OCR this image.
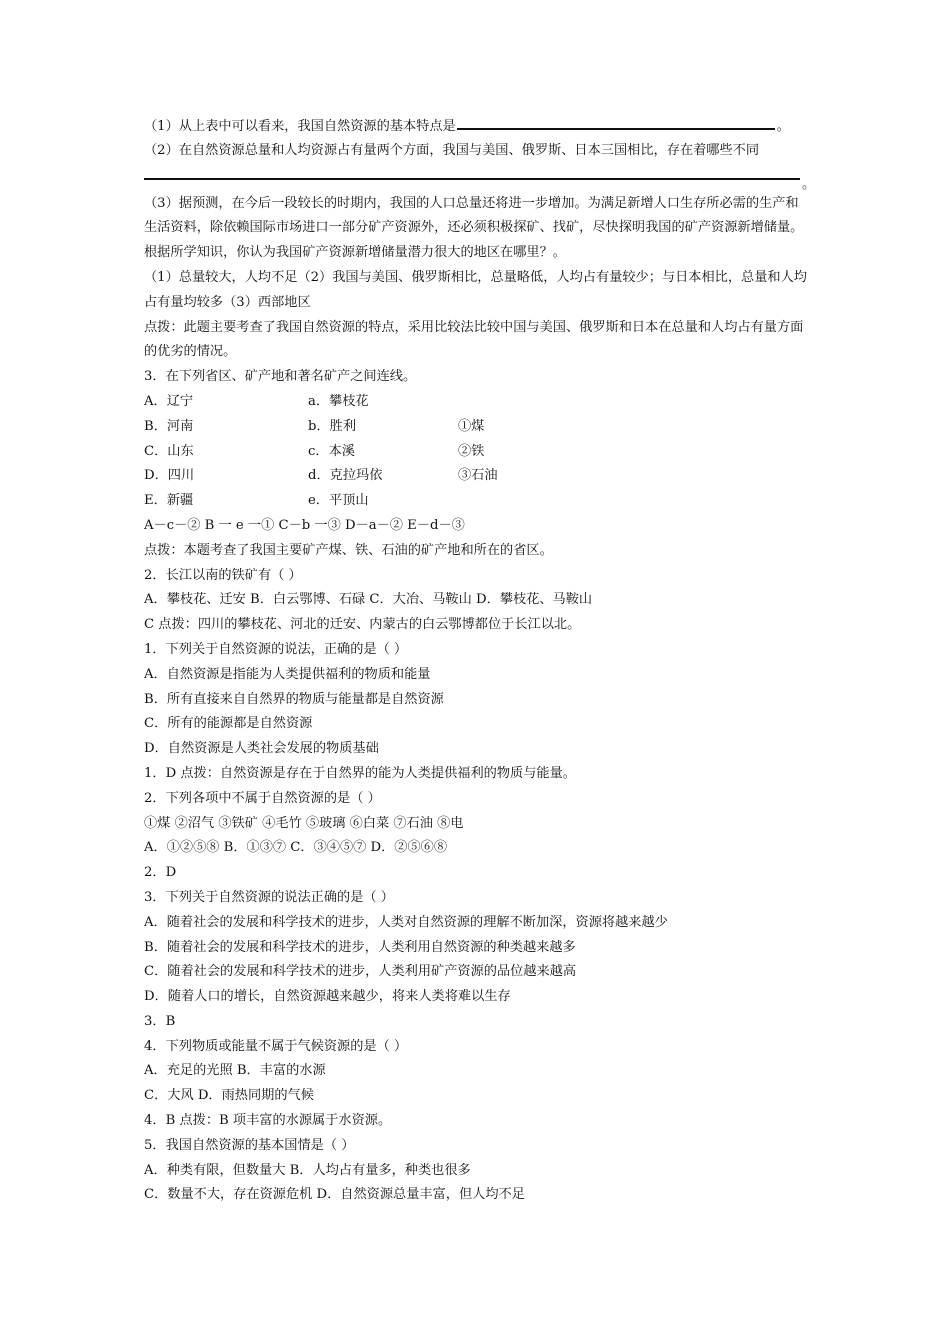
（1）从上表中可以看来，我国自然资源的基本特点是	。
（2）在自然资源总量和人均资源占有量两个方面，我国与美国、俄罗斯、日本三国相比，存在着哪些不同
。
（3）据预测，在今后一段较长的时期内，我国的人口总量还将进一步增加。为满足新增人口生存所必需的生产和生活资料，除依赖国际市场进口一部分矿产资源外，还必须积极探矿、找矿，尽快探明我国的矿产资源新增储量。根据所学知识，你认为我国矿产资源新增储量潜力很大的地区在哪里？。
（1）总量较大，人均不足（2）我国与美国、俄罗斯相比，总量略低，人均占有量较少；与日本相比，总量和人均占有量均较多（3）西部地区
点拨：此题主要考查了我国自然资源的特点，采用比较法比较中国与美国、俄罗斯和日本在总量和人均占有量方面的优劣的情况。
3．在下列省区、矿产地和著名矿产之间连线。
A．辽宁	a．攀枝花
B．河南	b．胜利	①煤
C．山东	c．本溪	②铁
D．四川	d．克拉玛依	③石油
E．新疆	e．平顶山
A－c－② B 一 e 一① C－b 一③ D－a－② E－d－③
点拨：本题考查了我国主要矿产煤、铁、石油的矿产地和所在的省区。
2．长江以南的铁矿有（ ）
A．攀枝花、迁安 B．白云鄂博、石碌 C．大冶、马鞍山 D．攀枝花、马鞍山
C 点拨：四川的攀枝花、河北的迁安、内蒙古的白云鄂博都位于长江以北。
1．下列关于自然资源的说法，正确的是（ ）
A．自然资源是指能为人类提供福利的物质和能量
B．所有直接来自自然界的物质与能量都是自然资源
C．所有的能源都是自然资源
D．自然资源是人类社会发展的物质基础
1．D 点拨：自然资源是存在于自然界的能为人类提供福利的物质与能量。
2．下列各项中不属于自然资源的是（ ）
①煤 ②沼气 ③铁矿 ④毛竹 ⑤玻璃 ⑥白菜 ⑦石油 ⑧电
A．①②⑤⑧ B．①③⑦ C．③④⑤⑦ D．②⑤⑥⑧
2．D
3．下列关于自然资源的说法正确的是（ ）
A．随着社会的发展和科学技术的进步，人类对自然资源的理解不断加深，资源将越来越少
B．随着社会的发展和科学技术的进步，人类利用自然资源的种类越来越多
C．随着社会的发展和科学技术的进步，人类利用矿产资源的品位越来越高
D．随着人口的增长，自然资源越来越少，将来人类将难以生存
3．B
4．下列物质或能量不属于气候资源的是（ ）
A．充足的光照 B．丰富的水源
C．大风 D．雨热同期的气候
4．B 点拨：B 项丰富的水源属于水资源。
5．我国自然资源的基本国情是（ ）
A．种类有限，但数量大 B．人均占有量多，种类也很多
C．数量不大，存在资源危机 D．自然资源总量丰富，但人均不足
